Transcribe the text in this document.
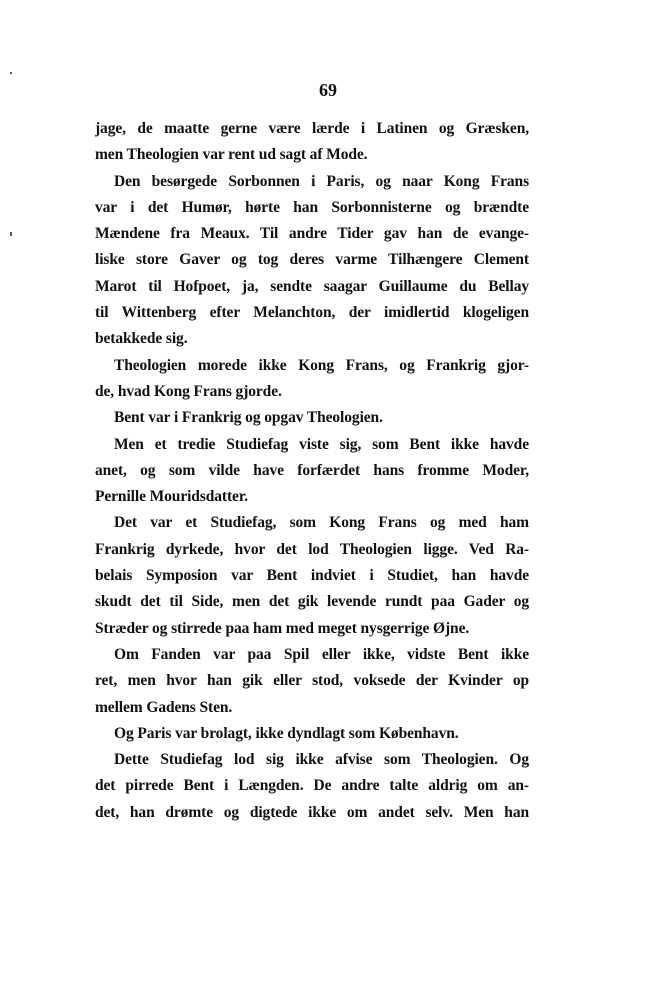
69
jage, de maatte gerne være lærde i Latinen og Græsken,
men Theologien var rent ud sagt af Mode.
Den besørgede Sorbonnen i Paris, og naar Kong Frans
var i det Humør, hørte han Sorbonnisterne og brændte
Mændene fra Meaux. Til andre Tider gav han de evange-
liske store Gaver og tog deres varme Tilhængere Clement
Marot til Hofpoet, ja, sendte saagar Guillaume du Bellay
til Wittenberg efter Melanchton, der imidlertid klogeligen
betakkede sig.
Theologien morede ikke Kong Frans, og Frankrig gjor-
de, hvad Kong Frans gjorde.
Bent var i Frankrig og opgav Theologien.
Men et tredie Studiefag viste sig, som Bent ikke havde
anet, og som vilde have forfærdet hans fromme Moder,
Pernille Mouridsdatter.
Det var et Studiefag, som Kong Frans og med ham
Frankrig dyrkede, hvor det lod Theologien ligge. Ved Ra-
belais Symposion var Bent indviet i Studiet, han havde
skudt det til Side, men det gik levende rundt paa Gader og
Stræder og stirrede paa ham med meget nysgerrige Øjne.
Om Fanden var paa Spil eller ikke, vidste Bent ikke
ret, men hvor han gik eller stod, voksede der Kvinder op
mellem Gadens Sten.
Og Paris var brolagt, ikke dyndlagt som København.
Dette Studiefag lod sig ikke afvise som Theologien. Og
det pirrede Bent i Længden. De andre talte aldrig om an-
det, han drømte og digtede ikke om andet selv. Men han
